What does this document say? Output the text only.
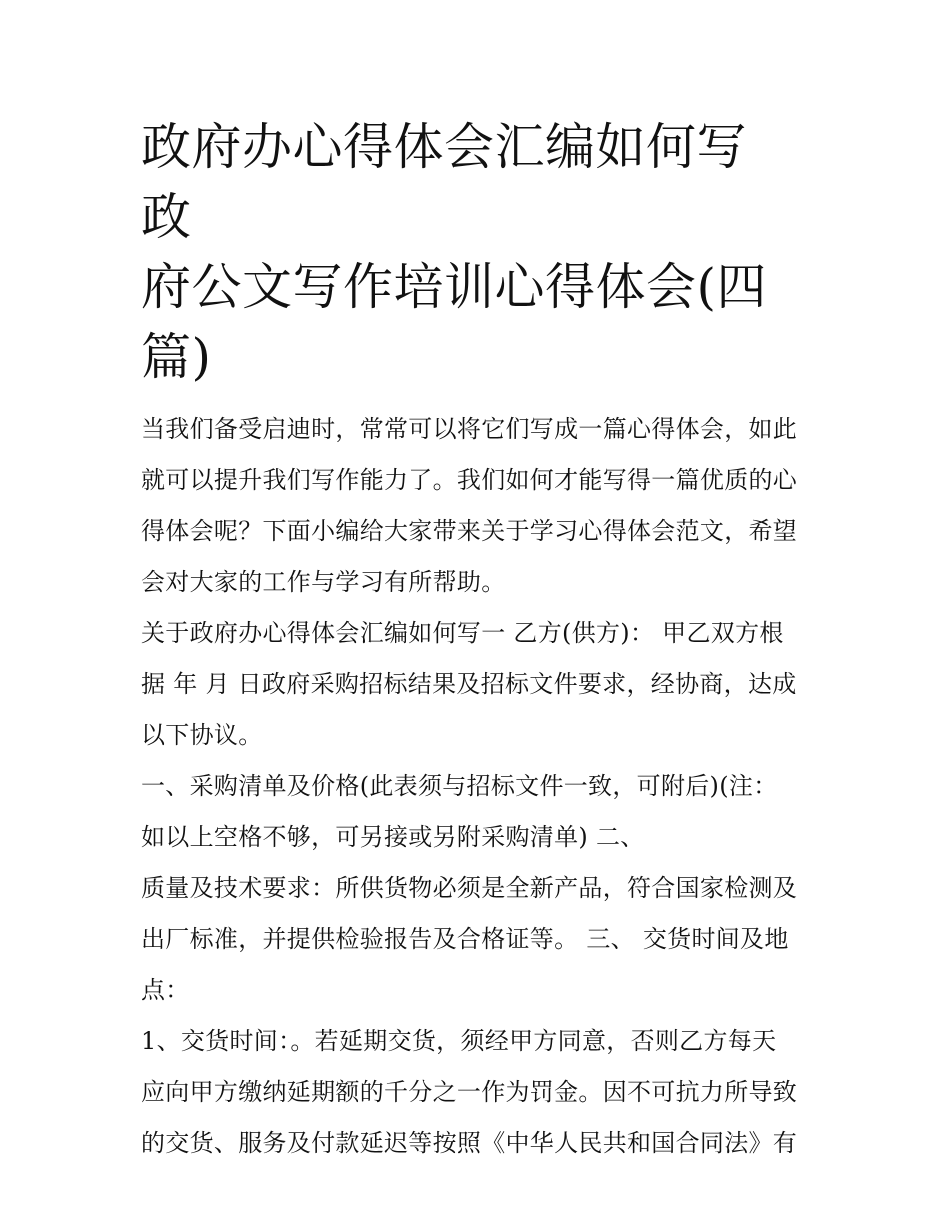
政府办心得体会汇编如何写 政
府公文写作培训心得体会(四
篇)

当我们备受启迪时，常常可以将它们写成一篇心得体会，如此

就可以提升我们写作能力了。我们如何才能写得一篇优质的心

得体会呢？下面小编给大家带来关于学习心得体会范文，希望

会对大家的工作与学习有所帮助。

关于政府办心得体会汇编如何写一 乙方(供方)： 甲乙双方根

据 年 月 日政府采购招标结果及招标文件要求，经协商，达成

以下协议。

一、采购清单及价格(此表须与招标文件一致，可附后)(注：

如以上空格不够，可另接或另附采购清单) 二、

质量及技术要求：所供货物必须是全新产品，符合国家检测及

出厂标准，并提供检验报告及合格证等。 三、 交货时间及地

点：

1、交货时间：。若延期交货，须经甲方同意，否则乙方每天

应向甲方缴纳延期额的千分之一作为罚金。因不可抗力所导致

的交货、服务及付款延迟等按照《中华人民共和国合同法》有
